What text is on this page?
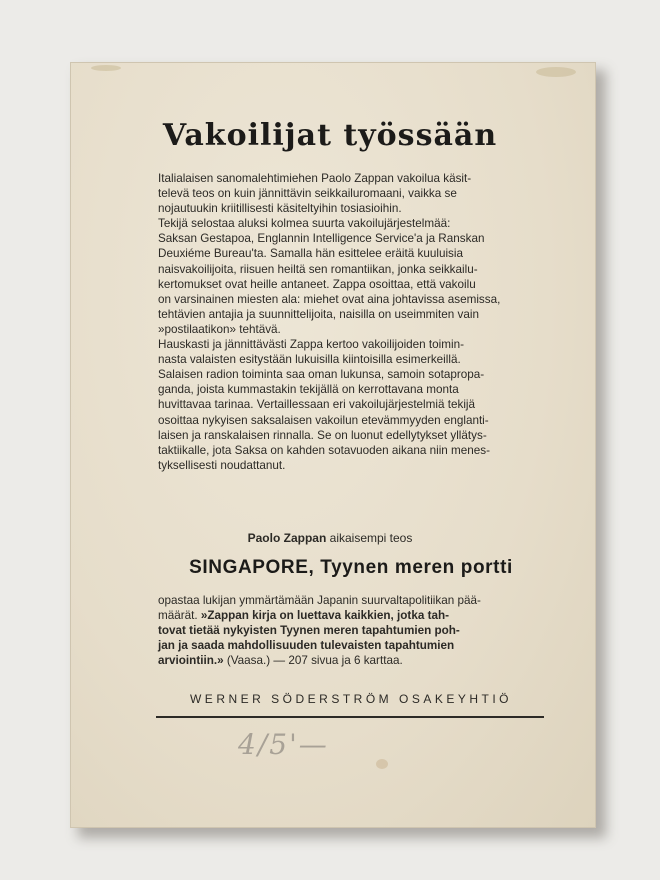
Vakoilijat työssään
Italialaisen sanomalehtimiehen Paolo Zappan vakoilua käsit-
televä teos on kuin jännittävin seikkailuromaani, vaikka se
nojautuukin kriitillisesti käsiteltyihin tosiasioihin.
Tekijä selostaa aluksi kolmea suurta vakoilujärjestelmää:
Saksan Gestapoa, Englannin Intelligence Service'a ja Ranskan
Deuxiéme Bureau'ta. Samalla hän esittelee eräitä kuuluisia
naisvakoilijoita, riisuen heiltä sen romantiikan, jonka seikkailu-
kertomukset ovat heille antaneet. Zappa osoittaa, että vakoilu
on varsinainen miesten ala: miehet ovat aina johtavissa asemissa,
tehtävien antajia ja suunnittelijoita, naisilla on useimmiten vain
»postilaatikon» tehtävä.
Hauskasti ja jännittävästi Zappa kertoo vakoilijoiden toimin-
nasta valaisten esitystään lukuisilla kiintoisilla esimerkeillä.
Salaisen radion toiminta saa oman lukunsa, samoin sotapropa-
ganda, joista kummastakin tekijällä on kerrottavana monta
huvittavaa tarinaa. Vertaillessaan eri vakoilujärjestelmiä tekijä
osoittaa nykyisen saksalaisen vakoilun etevämmyyden englanti-
laisen ja ranskalaisen rinnalla. Se on luonut edellytykset yllätys-
taktiikalle, jota Saksa on kahden sotavuoden aikana niin menes-
tyksellisesti noudattanut.
Paolo Zappan aikaisempi teos
SINGAPORE, Tyynen meren portti
opastaa lukijan ymmärtämään Japanin suurvaltapolitiikan pää-
määrät. »Zappan kirja on luettava kaikkien, jotka tah-
tovat tietää nykyisten Tyynen meren tapahtumien poh-
jan ja saada mahdollisuuden tulevaisten tapahtumien
arviointiin.» (Vaasa.) — 207 sivua ja 6 karttaa.
WERNER SÖDERSTRÖM OSAKEYHTIÖ
4/5'—
